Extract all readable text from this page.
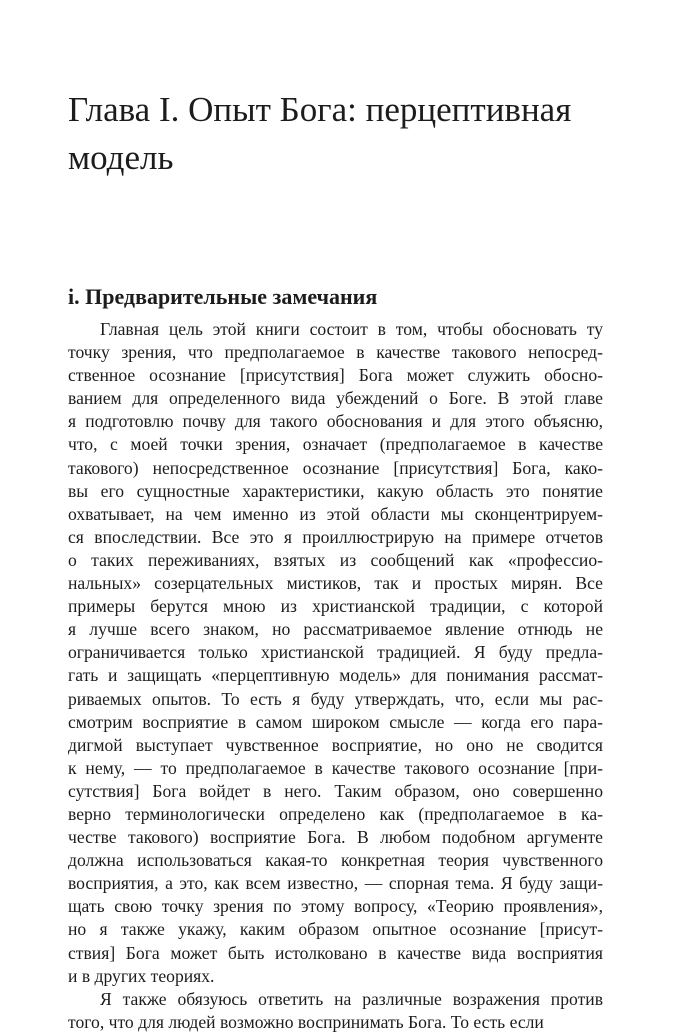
Глава I. Опыт Бога: перцептивная модель
i. Предварительные замечания
Главная цель этой книги состоит в том, чтобы обосновать ту
точку зрения, что предполагаемое в качестве такового непосред-
ственное осознание [присутствия] Бога может служить обосно-
ванием для определенного вида убеждений о Боге. В этой главе
я подготовлю почву для такого обоснования и для этого объясню,
что, с моей точки зрения, означает (предполагаемое в качестве
такового) непосредственное осознание [присутствия] Бога, како-
вы его сущностные характеристики, какую область это понятие
охватывает, на чем именно из этой области мы сконцентрируем-
ся впоследствии. Все это я проиллюстрирую на примере отчетов
о таких переживаниях, взятых из сообщений как «профессио-
нальных» созерцательных мистиков, так и простых мирян. Все
примеры берутся мною из христианской традиции, с которой
я лучше всего знаком, но рассматриваемое явление отнюдь не
ограничивается только христианской традицией. Я буду предла-
гать и защищать «перцептивную модель» для понимания рассмат-
риваемых опытов. То есть я буду утверждать, что, если мы рас-
смотрим восприятие в самом широком смысле — когда его пара-
дигмой выступает чувственное восприятие, но оно не сводится
к нему, — то предполагаемое в качестве такового осознание [при-
сутствия] Бога войдет в него. Таким образом, оно совершенно
верно терминологически определено как (предполагаемое в ка-
честве такового) восприятие Бога. В любом подобном аргументе
должна использоваться какая-то конкретная теория чувственного
восприятия, а это, как всем известно, — спорная тема. Я буду защи-
щать свою точку зрения по этому вопросу, «Теорию проявления»,
но я также укажу, каким образом опытное осознание [присут-
ствия] Бога может быть истолковано в качестве вида восприятия
и в других теориях.
Я также обязуюсь ответить на различные возражения против
того, что для людей возможно воспринимать Бога. То есть если
